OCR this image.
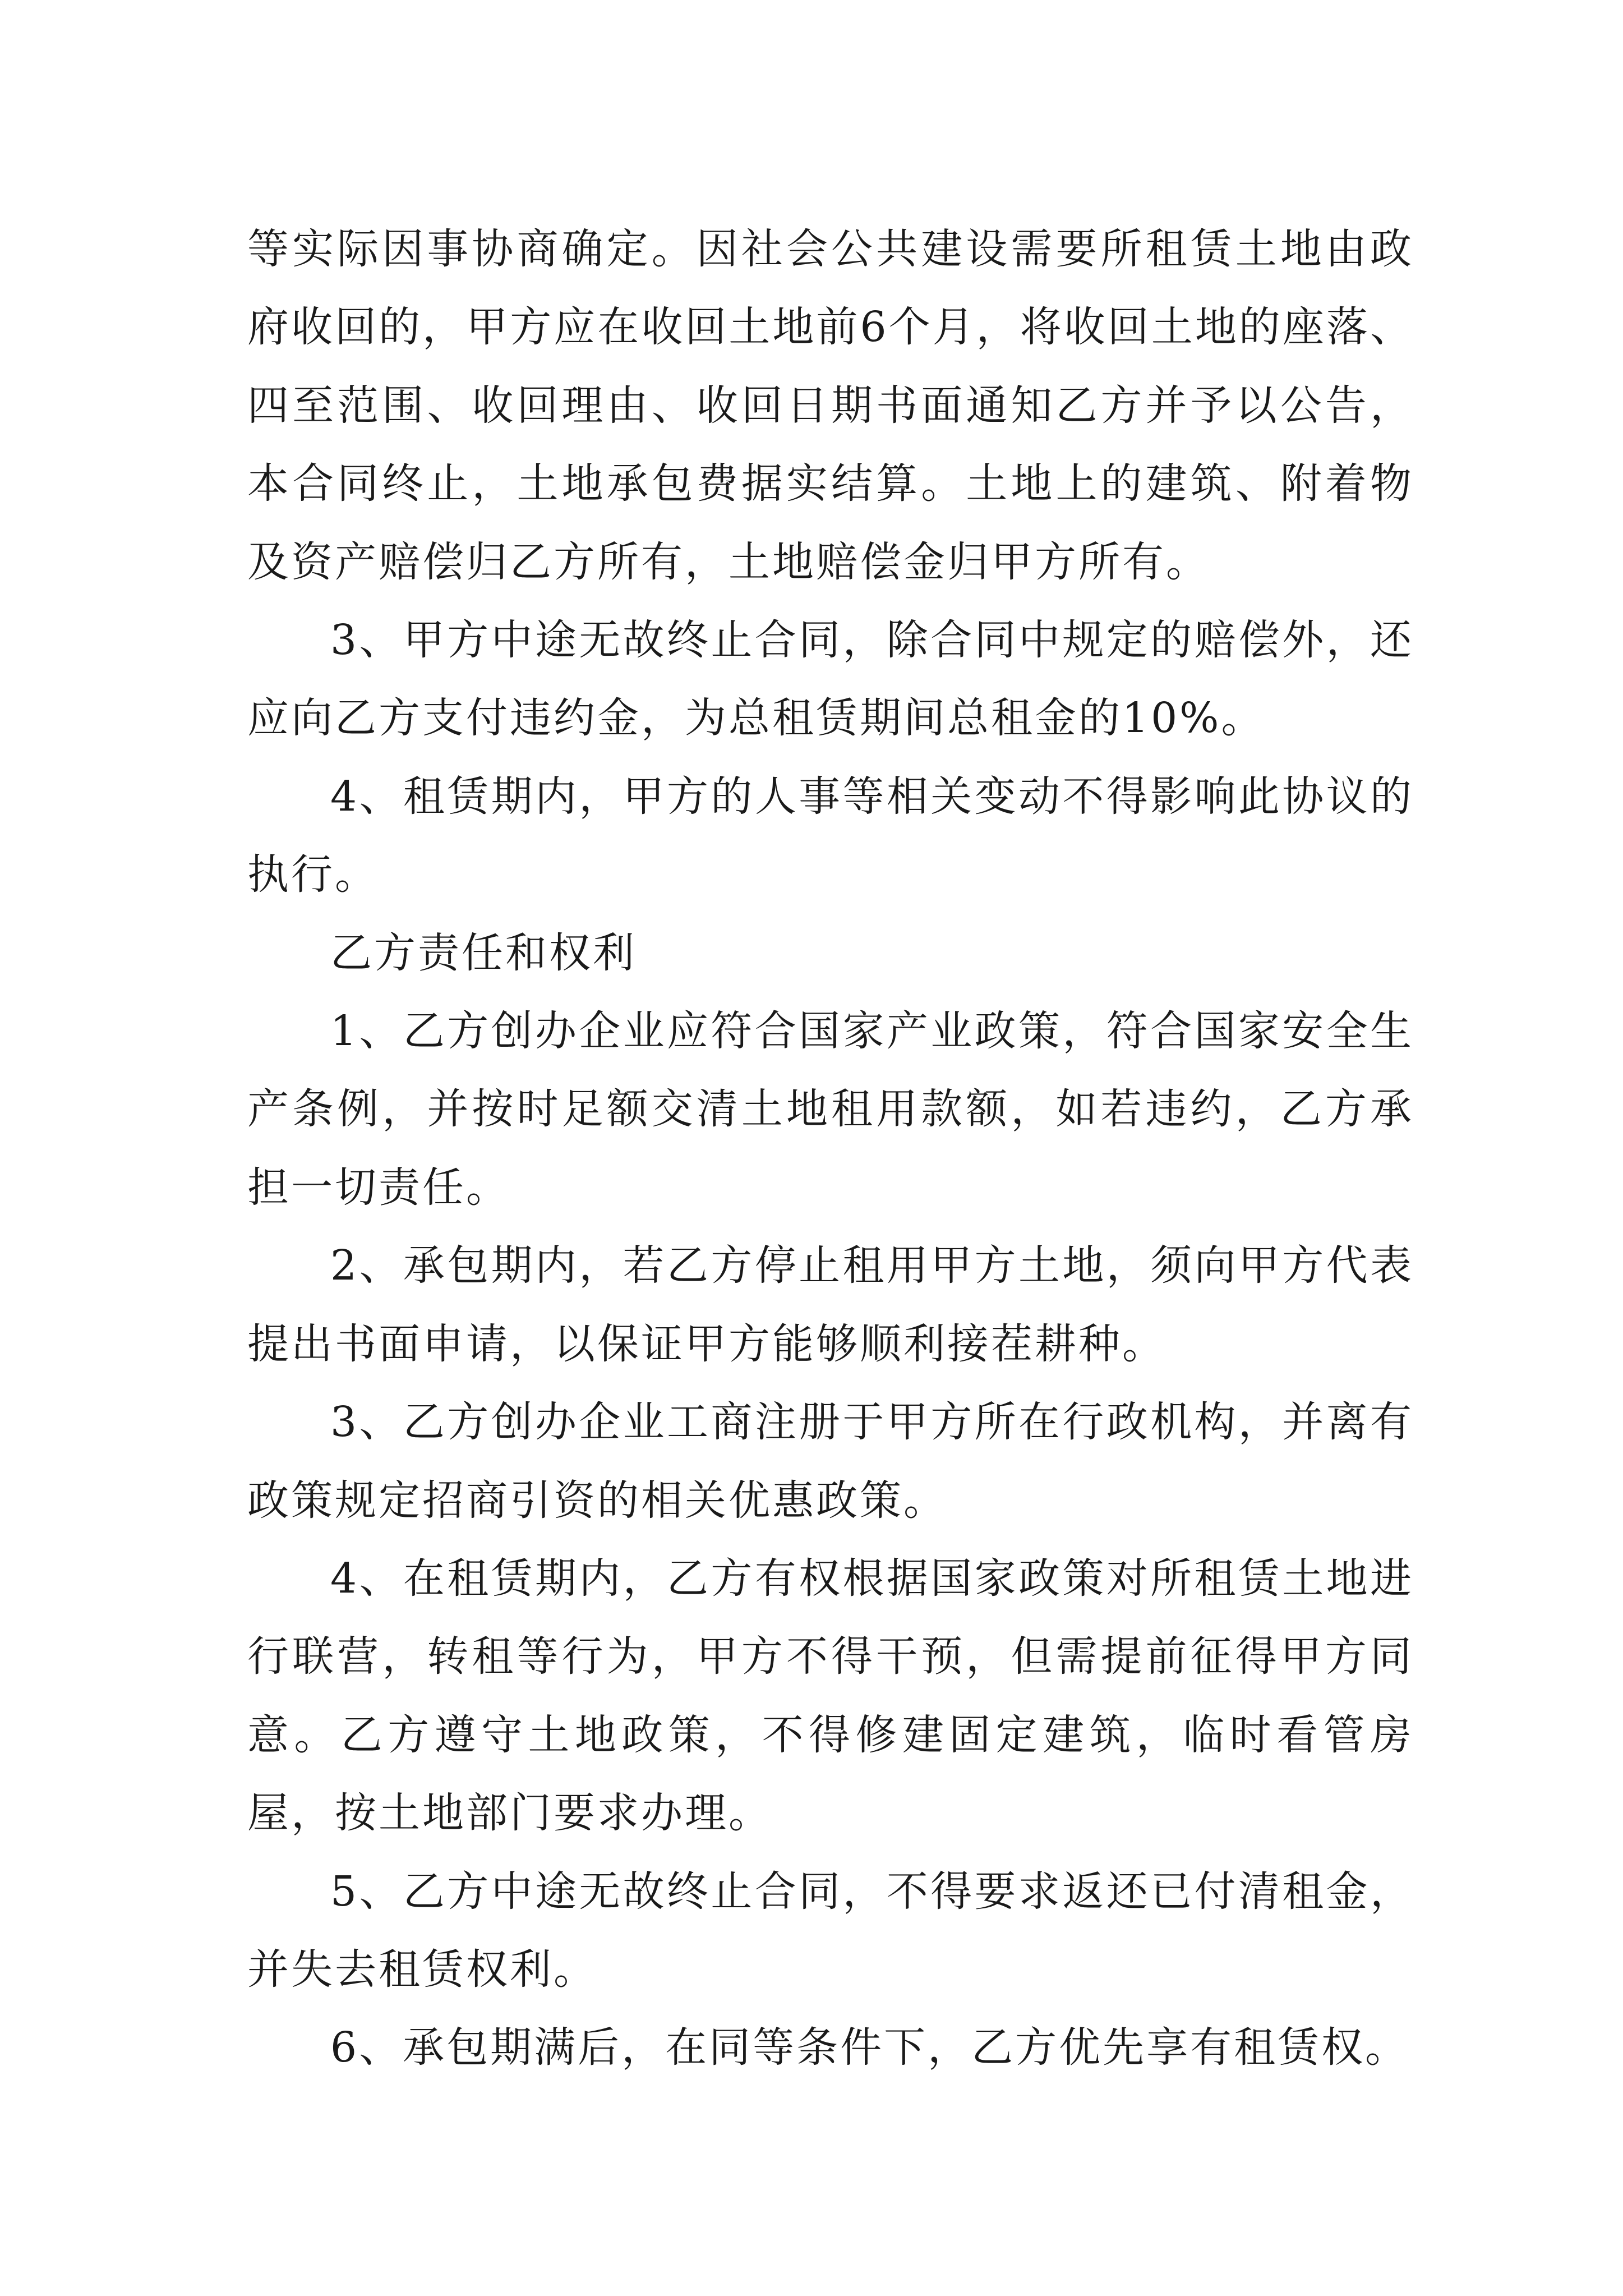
等实际因事协商确定。因社会公共建设需要所租赁土地由政府收回的，甲方应在收回土地前6个月，将收回土地的座落、四至范围、收回理由、收回日期书面通知乙方并予以公告，本合同终止，土地承包费据实结算。土地上的建筑、附着物及资产赔偿归乙方所有，土地赔偿金归甲方所有。

3、甲方中途无故终止合同，除合同中规定的赔偿外，还应向乙方支付违约金，为总租赁期间总租金的10%。

4、租赁期内，甲方的人事等相关变动不得影响此协议的执行。

乙方责任和权利

1、乙方创办企业应符合国家产业政策，符合国家安全生产条例，并按时足额交清土地租用款额，如若违约，乙方承担一切责任。

2、承包期内，若乙方停止租用甲方土地，须向甲方代表提出书面申请，以保证甲方能够顺利接茬耕种。

3、乙方创办企业工商注册于甲方所在行政机构，并离有政策规定招商引资的相关优惠政策。

4、在租赁期内，乙方有权根据国家政策对所租赁土地进行联营，转租等行为，甲方不得干预，但需提前征得甲方同意。乙方遵守土地政策，不得修建固定建筑，临时看管房屋，按土地部门要求办理。

5、乙方中途无故终止合同，不得要求返还已付清租金，并失去租赁权利。

6、承包期满后，在同等条件下，乙方优先享有租赁权。
